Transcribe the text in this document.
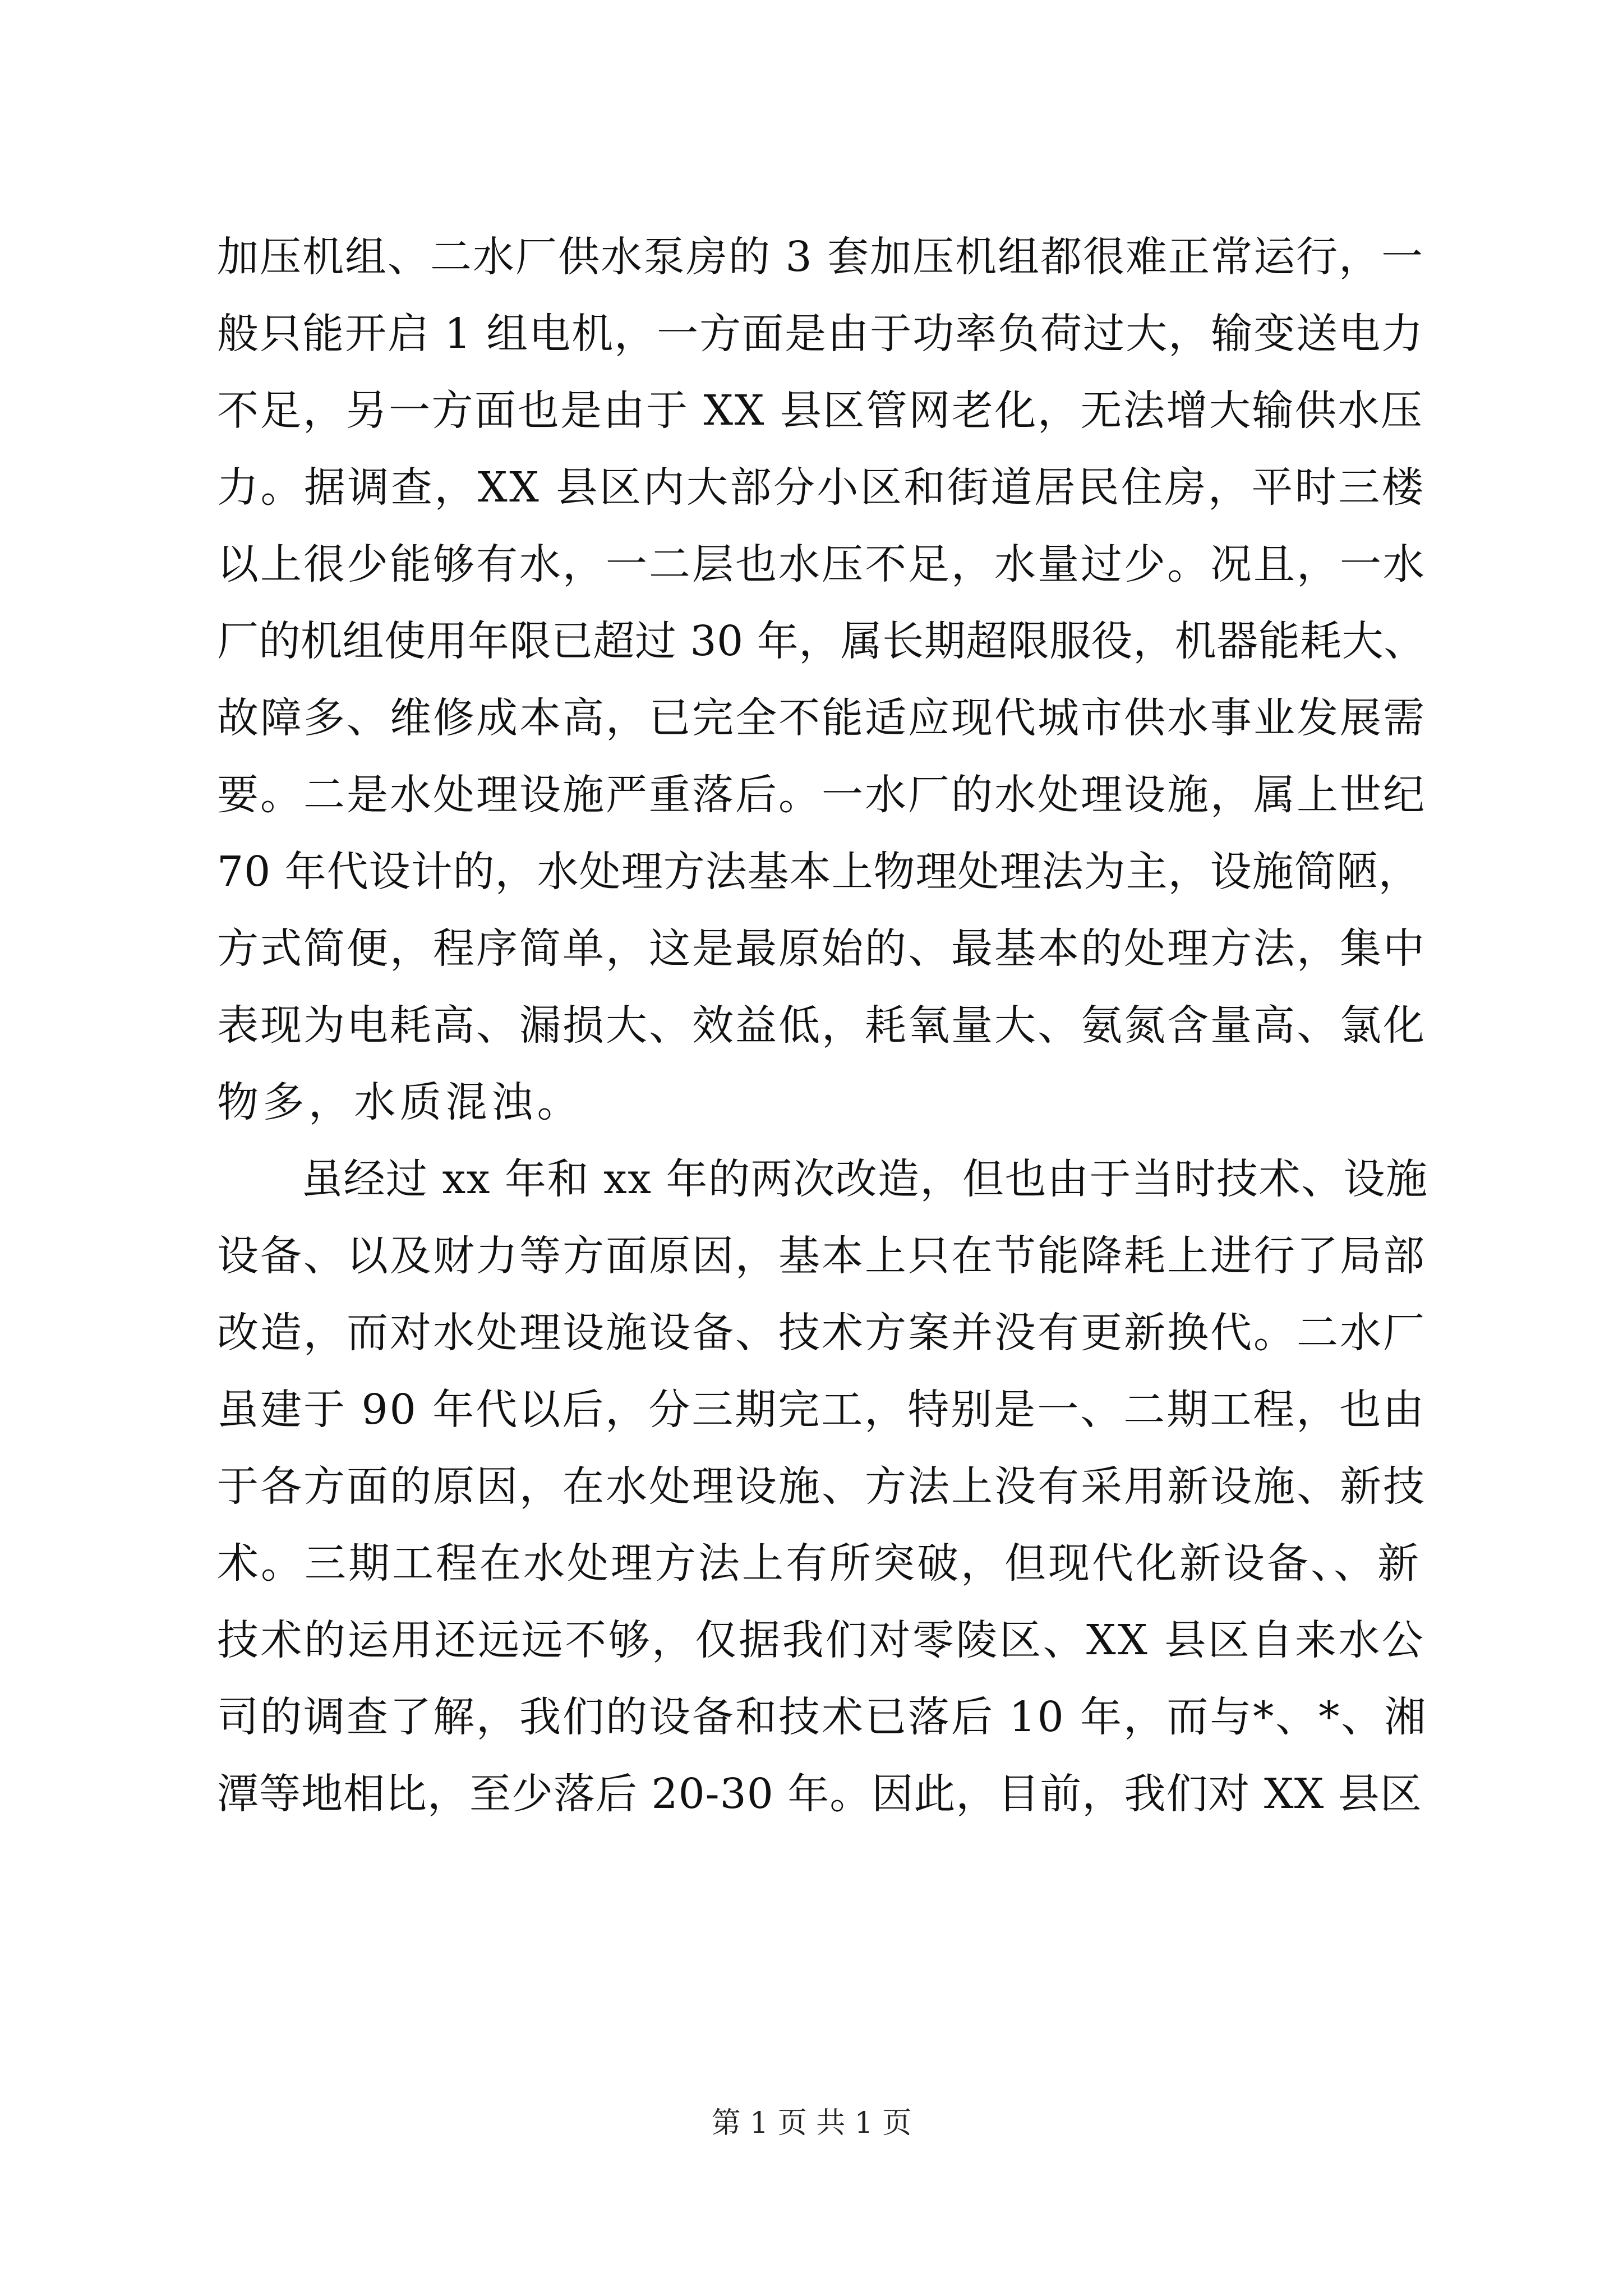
加压机组、二水厂供水泵房的 3 套加压机组都很难正常运行，一
般只能开启 1 组电机，一方面是由于功率负荷过大，输变送电力
不足，另一方面也是由于 XX 县区管网老化，无法增大输供水压
力。据调查，XX 县区内大部分小区和街道居民住房，平时三楼
以上很少能够有水，一二层也水压不足，水量过少。况且，一水
厂的机组使用年限已超过 30 年，属长期超限服役，机器能耗大、
故障多、维修成本高，已完全不能适应现代城市供水事业发展需
要。二是水处理设施严重落后。一水厂的水处理设施，属上世纪
70 年代设计的，水处理方法基本上物理处理法为主，设施简陋，
方式简便，程序简单，这是最原始的、最基本的处理方法，集中
表现为电耗高、漏损大、效益低，耗氧量大、氨氮含量高、氯化
物多，水质混浊。
虽经过 xx 年和 xx 年的两次改造，但也由于当时技术、设施
设备、以及财力等方面原因，基本上只在节能降耗上进行了局部
改造，而对水处理设施设备、技术方案并没有更新换代。二水厂
虽建于 90 年代以后，分三期完工，特别是一、二期工程，也由
于各方面的原因，在水处理设施、方法上没有采用新设施、新技
术。三期工程在水处理方法上有所突破，但现代化新设备、、新
技术的运用还远远不够，仅据我们对零陵区、XX 县区自来水公
司的调查了解，我们的设备和技术已落后 10 年，而与*、*、湘
潭等地相比，至少落后 20-30 年。因此，目前，我们对 XX 县区
第 1 页 共 1 页
